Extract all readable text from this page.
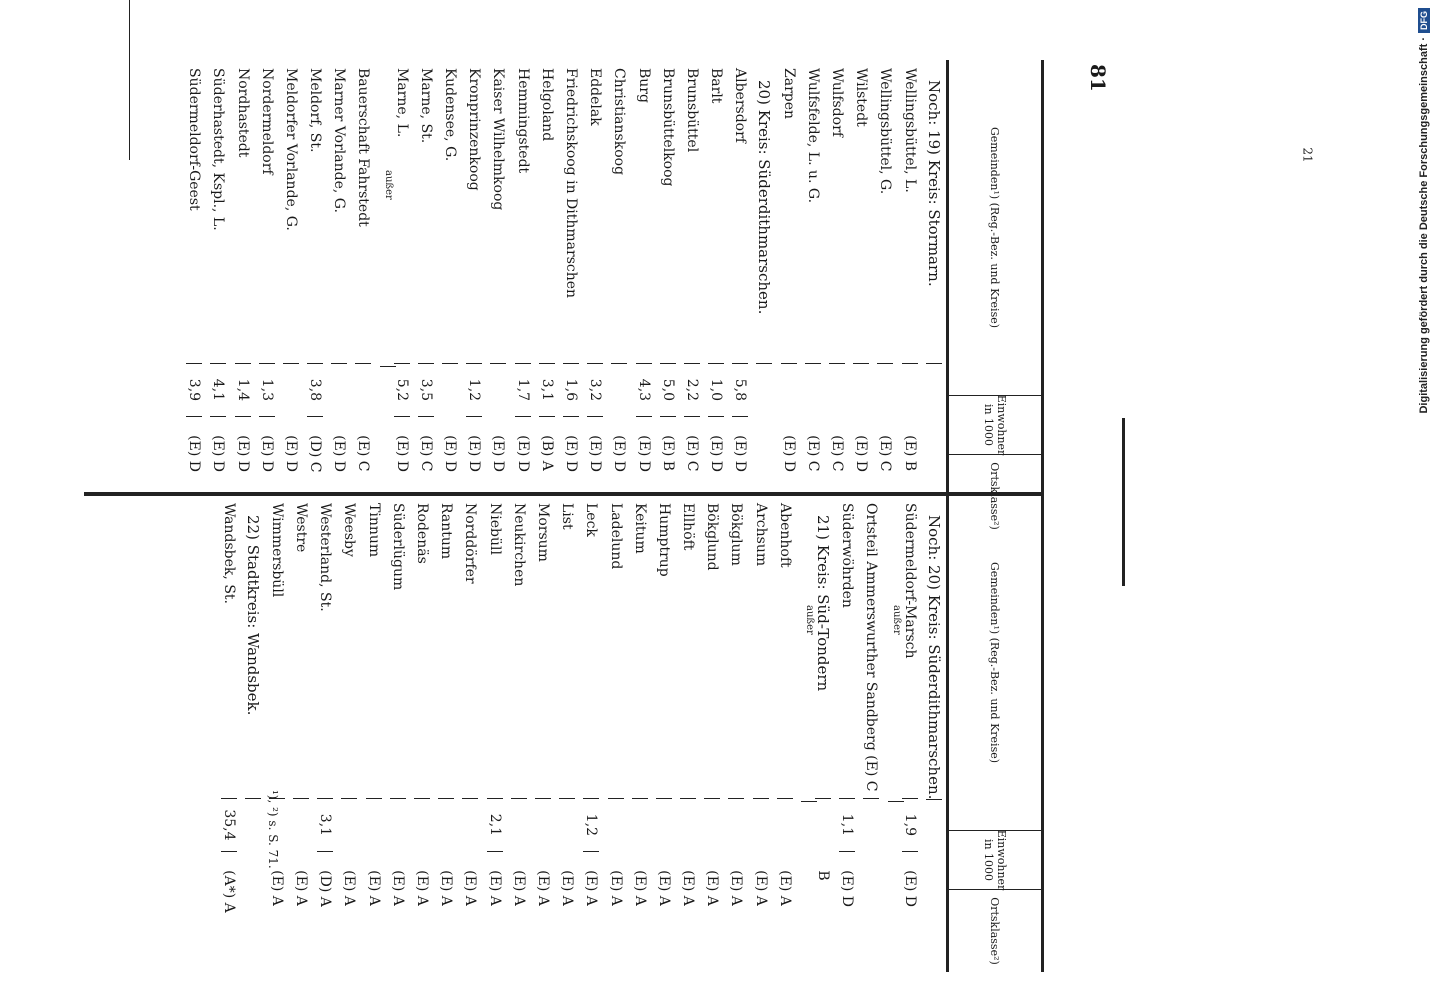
81
Gemeinden¹) (Reg.-Bez. und Kreise)
Einwohner in 1000
Ortsklasse²)
Noch: 19) Kreis: Stormarn.
Wellingsbüttel, L.
(E) B
Wellingsbüttel, G.
(E) C
Wilstedt
(E) D
Wulfsdorf
(E) C
Wulfsfelde, L. u. G.
(E) C
Zarpen
(E) D
20) Kreis: Süderdithmarschen.
Albersdorf
5,8
(E) D
Barlt
1,0
(E) D
Brunsbüttel
2,2
(E) C
Brunsbüttelkoog
5,0
(E) B
Burg
4,3
(E) D
Christianskoog
(E) D
Eddelak
3,2
(E) D
Friedrichskoog in Dithmarschen
1,6
(E) D
Helgoland
3,1
(B) A
Hemmingstedt
1,7
(E) D
Kaiser Wilhelmkoog
(E) D
Kronprinzenkoog
1,2
(E) D
Kudensee, G.
(E) D
Marne, St.
3,5
(E) C
Marne, L.
5,2
(E) D
außer
Bauerschaft Fahrstedt
(E) C
Marner Vorlande, G.
(E) D
Meldorf, St.
3,8
(D) C
Meldorfer Vorlande, G.
(E) D
Nordermeldorf
1,3
(E) D
Nordhastedt
1,4
(E) D
Süderhastedt, Kspl., L.
4,1
(E) D
Südermeldorf-Geest
3,9
(E) D
Gemeinden¹) (Reg.-Bez. und Kreise)
Einwohner in 1000
Ortsklasse²)
Noch: 20) Kreis: Süderdithmarschen.
Südermeldorf-Marsch
1,9
(E) D
außer
Ortsteil Ammerswurther Sandberg (E) C
Süderwöhrden
1,1
(E) D
21) Kreis: Süd-Tondern
B
außer
Abenhoft
(E) A
Archsum
(E) A
Bökglum
(E) A
Bökglund
(E) A
Ellhöft
(E) A
Humptrup
(E) A
Keitum
(E) A
Ladelund
(E) A
Leck
1,2
(E) A
List
(E) A
Morsum
(E) A
Neukirchen
(E) A
Niebüll
2,1
(E) A
Norddörfer
(E) A
Rantum
(E) A
Rodenäs
(E) A
Süderlügum
(E) A
Tinnum
(E) A
Weesby
(E) A
Westerland, St.
3,1
(D) A
Westre
(E) A
Wimmersbüll
(E) A
22) Stadtkreis: Wandsbek.
Wandsbek, St.
35,4
(A*) A
¹), ²) s. S. 71.
21	Digitalisierung gefördert durch die Deutsche Forschungsgemeinschaft ·
DFG
